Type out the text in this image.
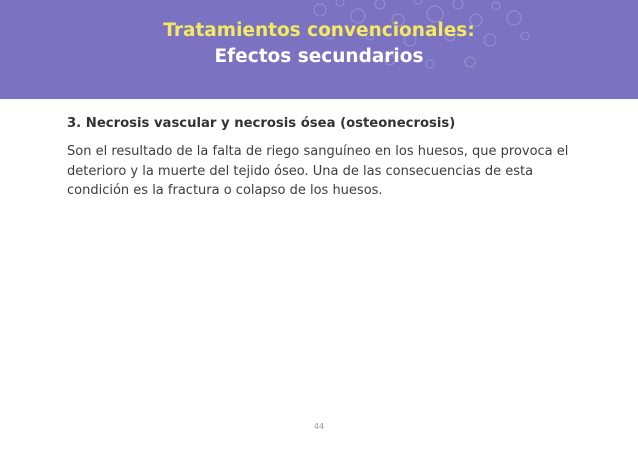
Tratamientos convencionales:
Efectos secundarios

3. Necrosis vascular y necrosis ósea (osteonecrosis)

Son el resultado de la falta de riego sanguíneo en los huesos, que provoca el deterioro y la muerte del tejido óseo. Una de las consecuencias de esta condición es la fractura o colapso de los huesos.

44
